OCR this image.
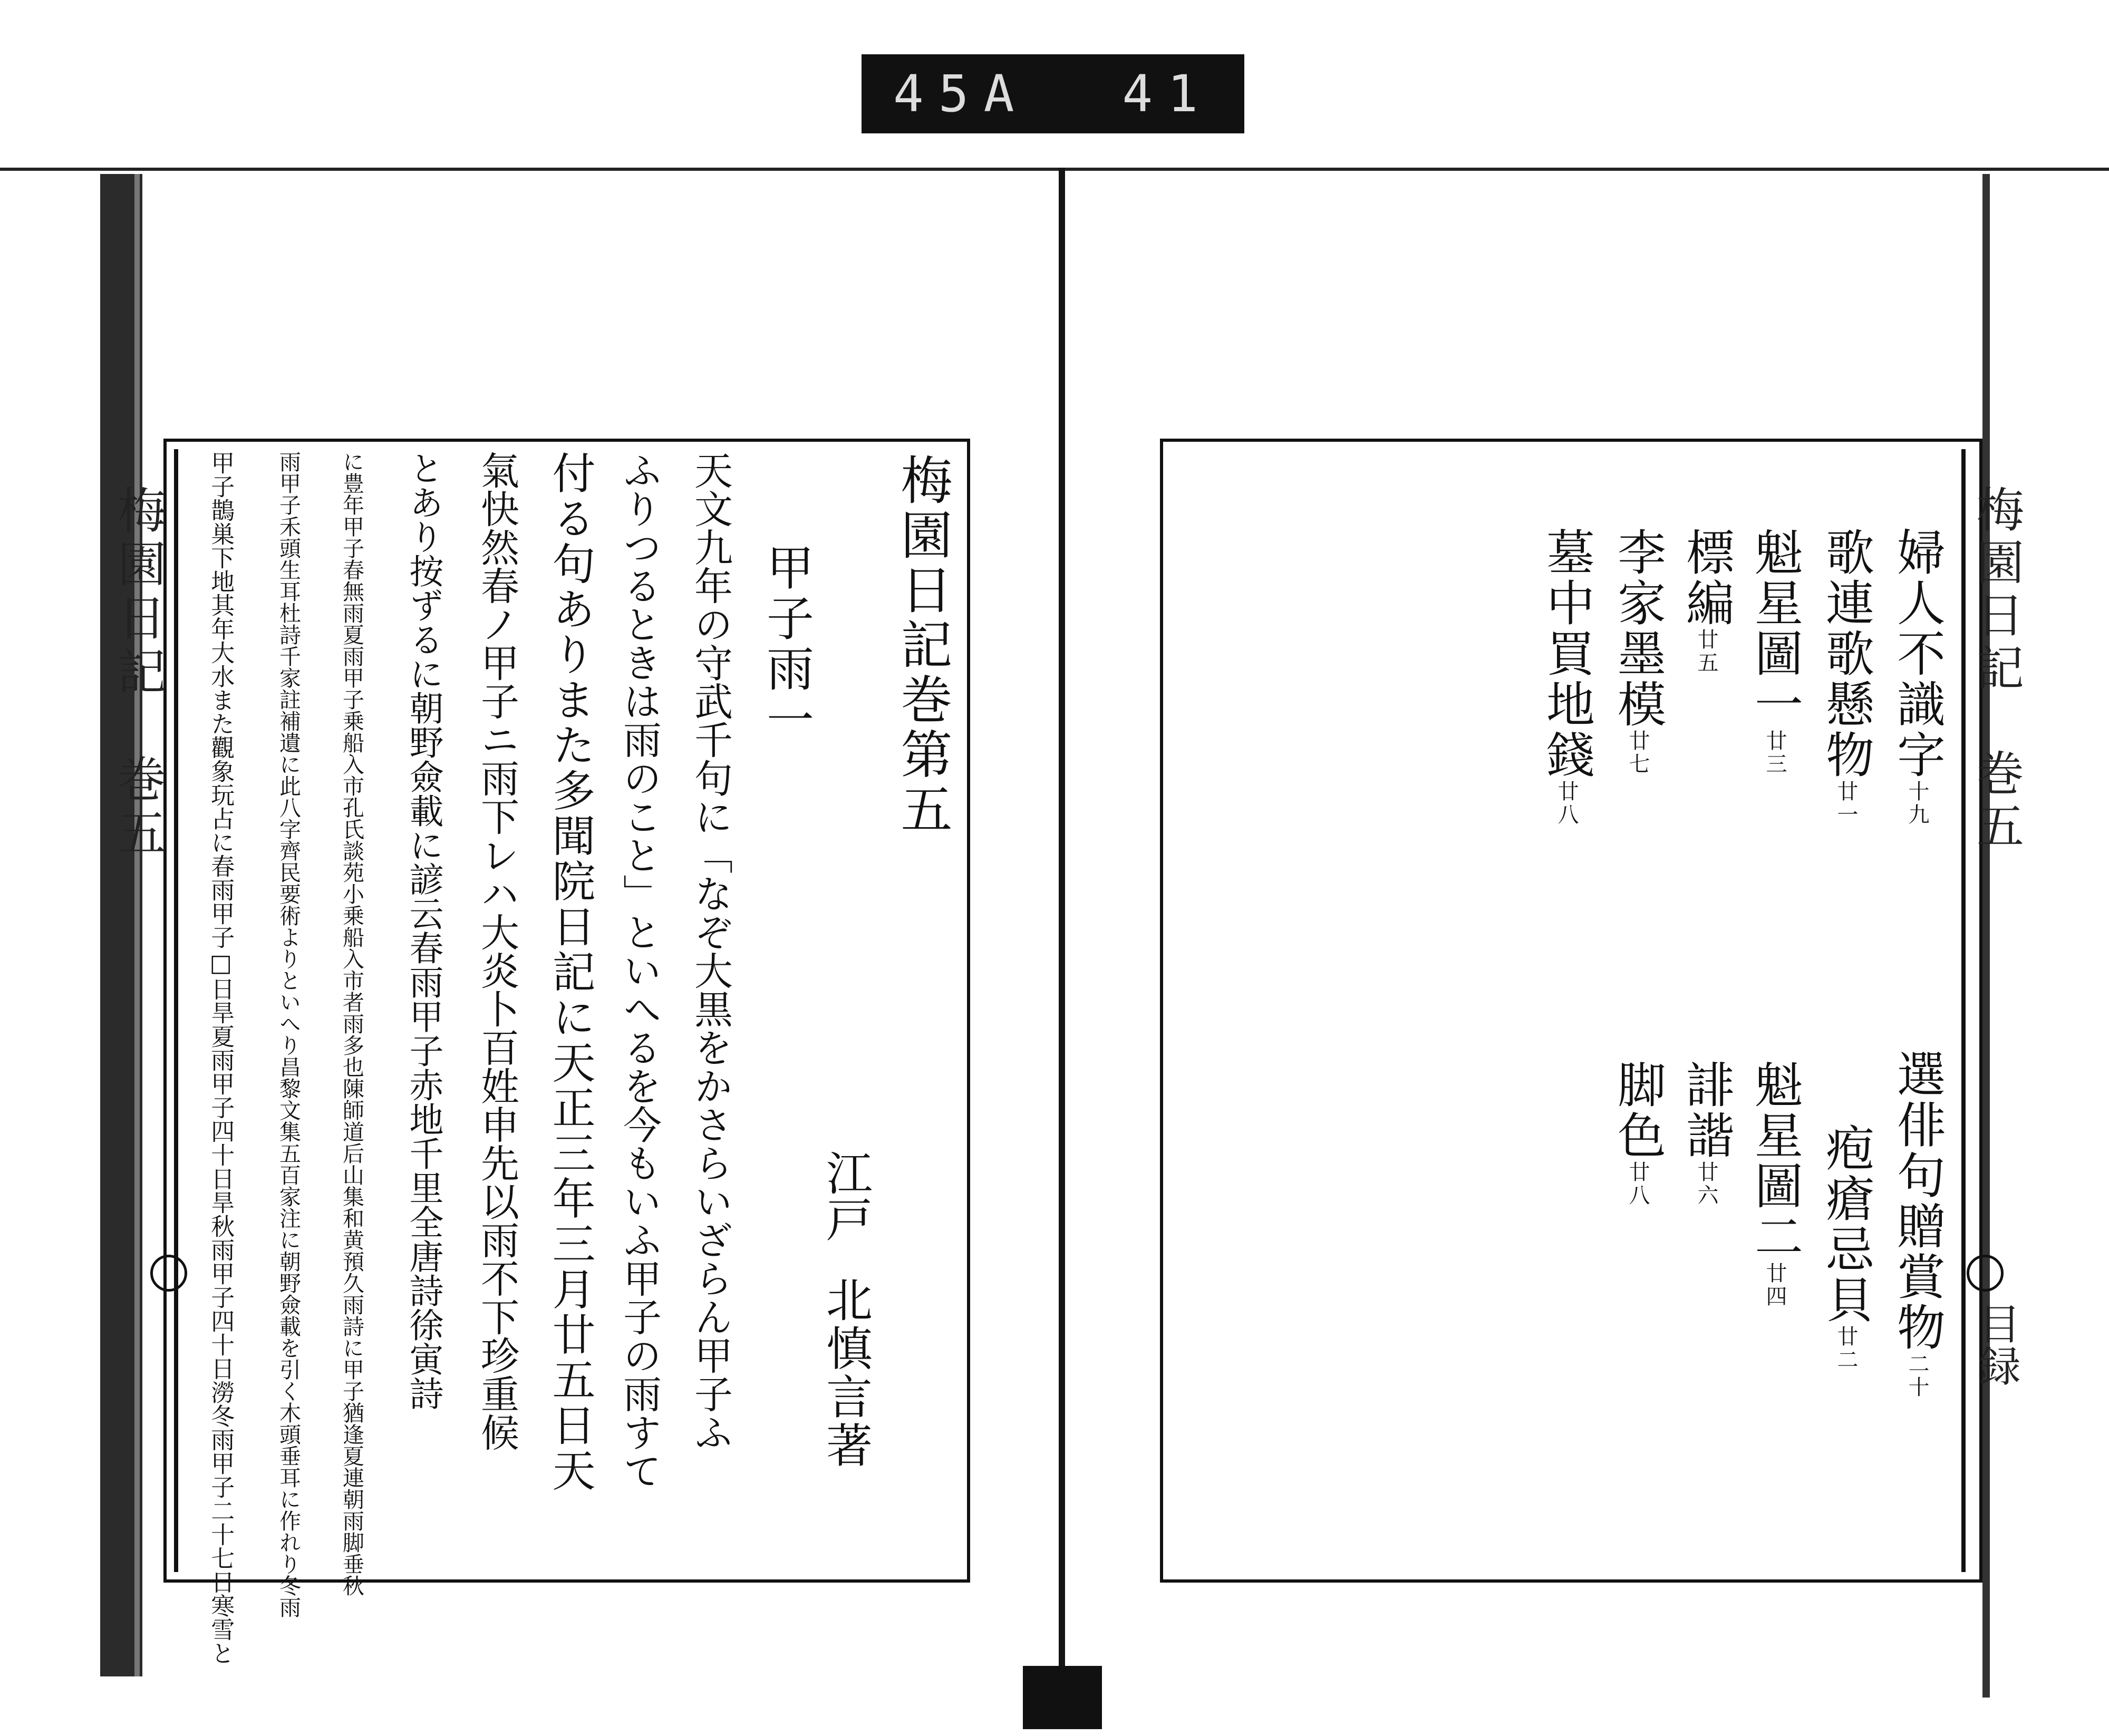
45A 41
梅園日記　巻五	梅園日記巻第五
江戸
北慎言著
甲子雨一
天文九年の守武千句に「なぞ大黒をかさらいざらん甲子ふ
ふりつるときは雨のこと」といへるを今もいふ甲子の雨すて
付る句ありまた多聞院日記に天正三年三月廿五日天
氣快然春ノ甲子ニ雨下レハ大炎卜百姓申先以雨不下珍重候
とあり按ずるに朝野僉載に諺云春雨甲子赤地千里全唐詩徐寅詩
に豊年甲子春無雨夏雨甲子乗船入市孔氏談苑小乗船入市者雨多也陳師道后山集和黄預久雨詩に甲子猶逢夏連朝雨脚垂秋
雨甲子禾頭生耳杜詩千家註補遺に此八字齊民要術よりといへり昌黎文集五百家注に朝野僉載を引く木頭垂耳に作れり冬雨
甲子鵲巣下地其年大水また觀象玩占に春雨甲子□日旱夏雨甲子四十日旱秋雨甲子四十日澇冬雨甲子二十七日寒雪と	梅園日記　巻五
目録
婦人不識字十九
歌連歌懸物廿一
魁星圖一廿三
標編廿五
李家墨模廿七
墓中買地錢廿八
選俳句贈賞物二十
疱瘡忌貝廿二
魁星圖二廿四
誹諧廿六
脚色廿八
